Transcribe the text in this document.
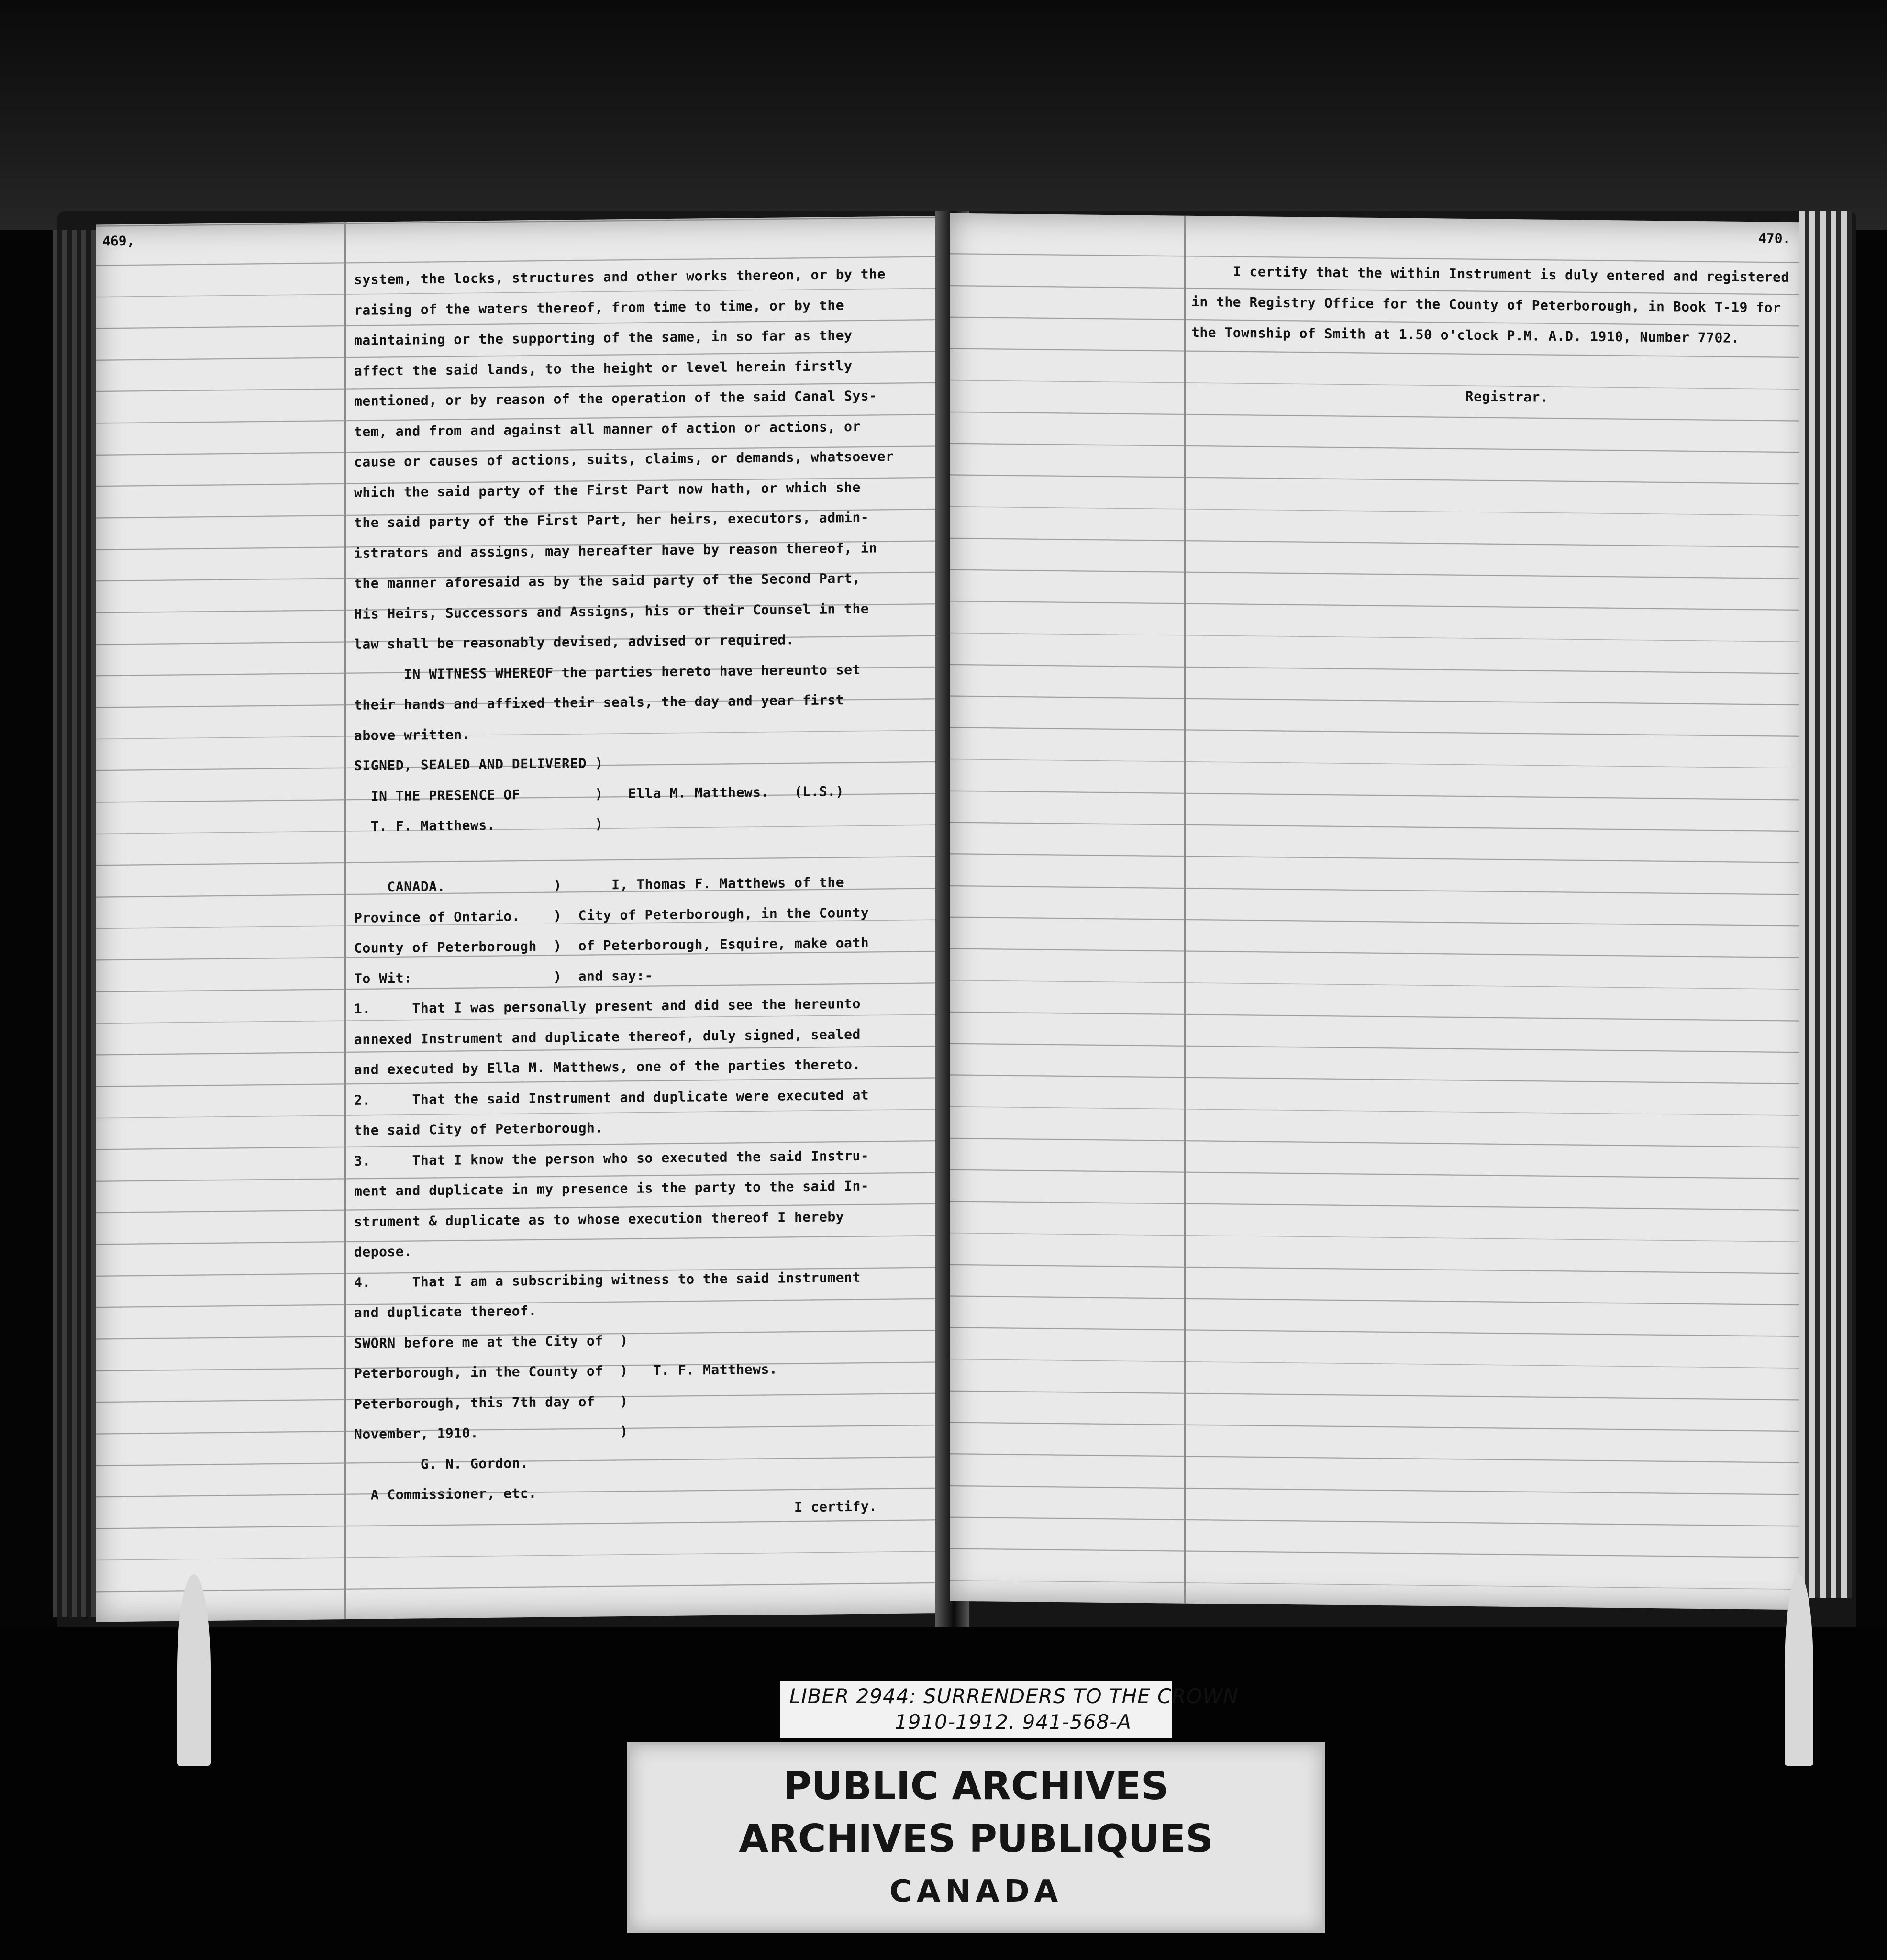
469,
system, the locks, structures and other works thereon, or by the
raising of the waters thereof, from time to time, or by the
maintaining or the supporting of the same, in so far as they
affect the said lands, to the height or level herein firstly
mentioned, or by reason of the operation of the said Canal Sys-
tem, and from and against all manner of action or actions, or
cause or causes of actions, suits, claims, or demands, whatsoever
which the said party of the First Part now hath, or which she
the said party of the First Part, her heirs, executors, admin-
istrators and assigns, may hereafter have by reason thereof, in
the manner aforesaid as by the said party of the Second Part,
His Heirs, Successors and Assigns, his or their Counsel in the
law shall be reasonably devised, advised or required.
IN WITNESS WHEREOF the parties hereto have hereunto set
their hands and affixed their seals, the day and year first
above written.
SIGNED, SEALED AND DELIVERED )
IN THE PRESENCE OF         )   Ella M. Matthews.   (L.S.)
T. F. Matthews.            )
CANADA.             )      I, Thomas F. Matthews of the
Province of Ontario.    )  City of Peterborough, in the County
County of Peterborough  )  of Peterborough, Esquire, make oath
To Wit:                 )  and say:-
1.     That I was personally present and did see the hereunto
annexed Instrument and duplicate thereof, duly signed, sealed
and executed by Ella M. Matthews, one of the parties thereto.
2.     That the said Instrument and duplicate were executed at
the said City of Peterborough.
3.     That I know the person who so executed the said Instru-
ment and duplicate in my presence is the party to the said In-
strument & duplicate as to whose execution thereof I hereby
depose.
4.     That I am a subscribing witness to the said instrument
and duplicate thereof.
SWORN before me at the City of  )
Peterborough, in the County of  )   T. F. Matthews.
Peterborough, this 7th day of   )
November, 1910.                 )
G. N. Gordon.
A Commissioner, etc.
I certify.
470.
I certify that the within Instrument is duly entered and registered
in the Registry Office for the County of Peterborough, in Book T-19 for
the Township of Smith at 1.50 o'clock P.M. A.D. 1910, Number 7702.
Registrar.
LIBER 2944: SURRENDERS TO THE CROWN
1910-1912. 941-568-A
PUBLIC ARCHIVES
ARCHIVES PUBLIQUES
CANADA
